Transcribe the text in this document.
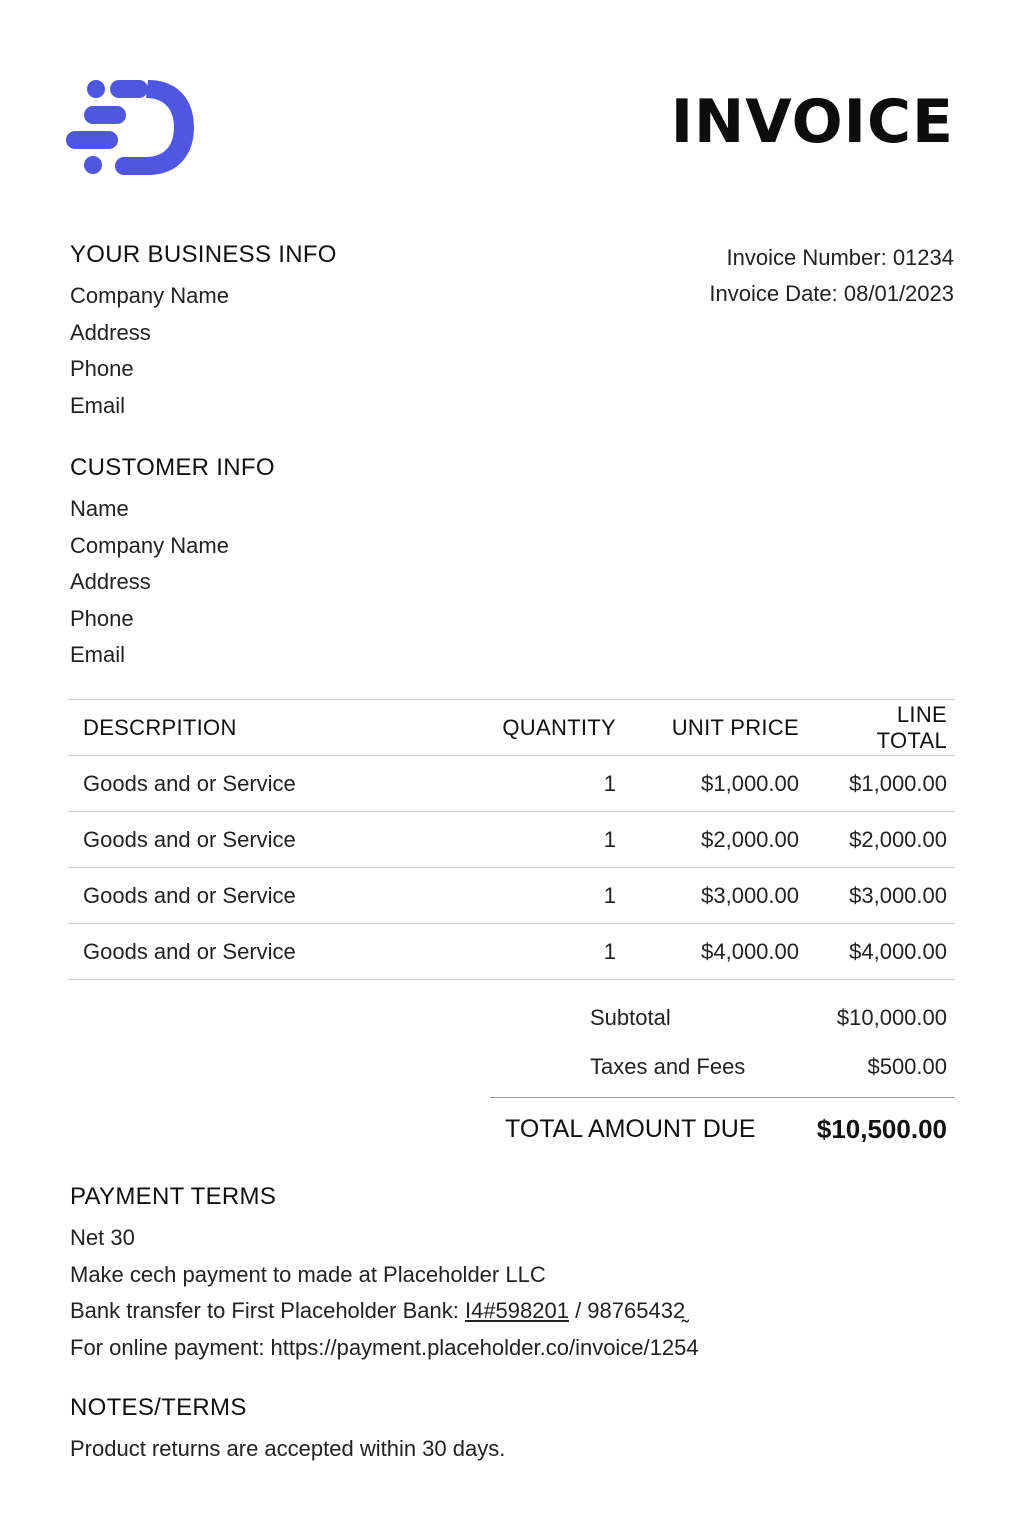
INVOICE
Invoice Number: 01234
Invoice Date: 08/01/2023
YOUR BUSINESS INFO

Company Name

Address

Phone

Email

CUSTOMER INFO

Name

Company Name

Address

Phone

Email

DESCRPITION	QUANTITY	UNIT PRICE	LINE TOTAL
Goods and or Service	1	$1,000.00	$1,000.00
Goods and or Service	1	$2,000.00	$2,000.00
Goods and or Service	1	$3,000.00	$3,000.00
Goods and or Service	1	$4,000.00	$4,000.00
Subtotal	$10,000.00
Taxes and Fees	$500.00
TOTAL AMOUNT DUE $10,500.00
PAYMENT TERMS

Net 30

Make cech payment to made at Placeholder LLC

Bank transfer to First Placeholder Bank: I4#598201 / 98765432̰

For online payment: https://payment.placeholder.co/invoice/1254

NOTES/TERMS

Product returns are accepted within 30 days.
